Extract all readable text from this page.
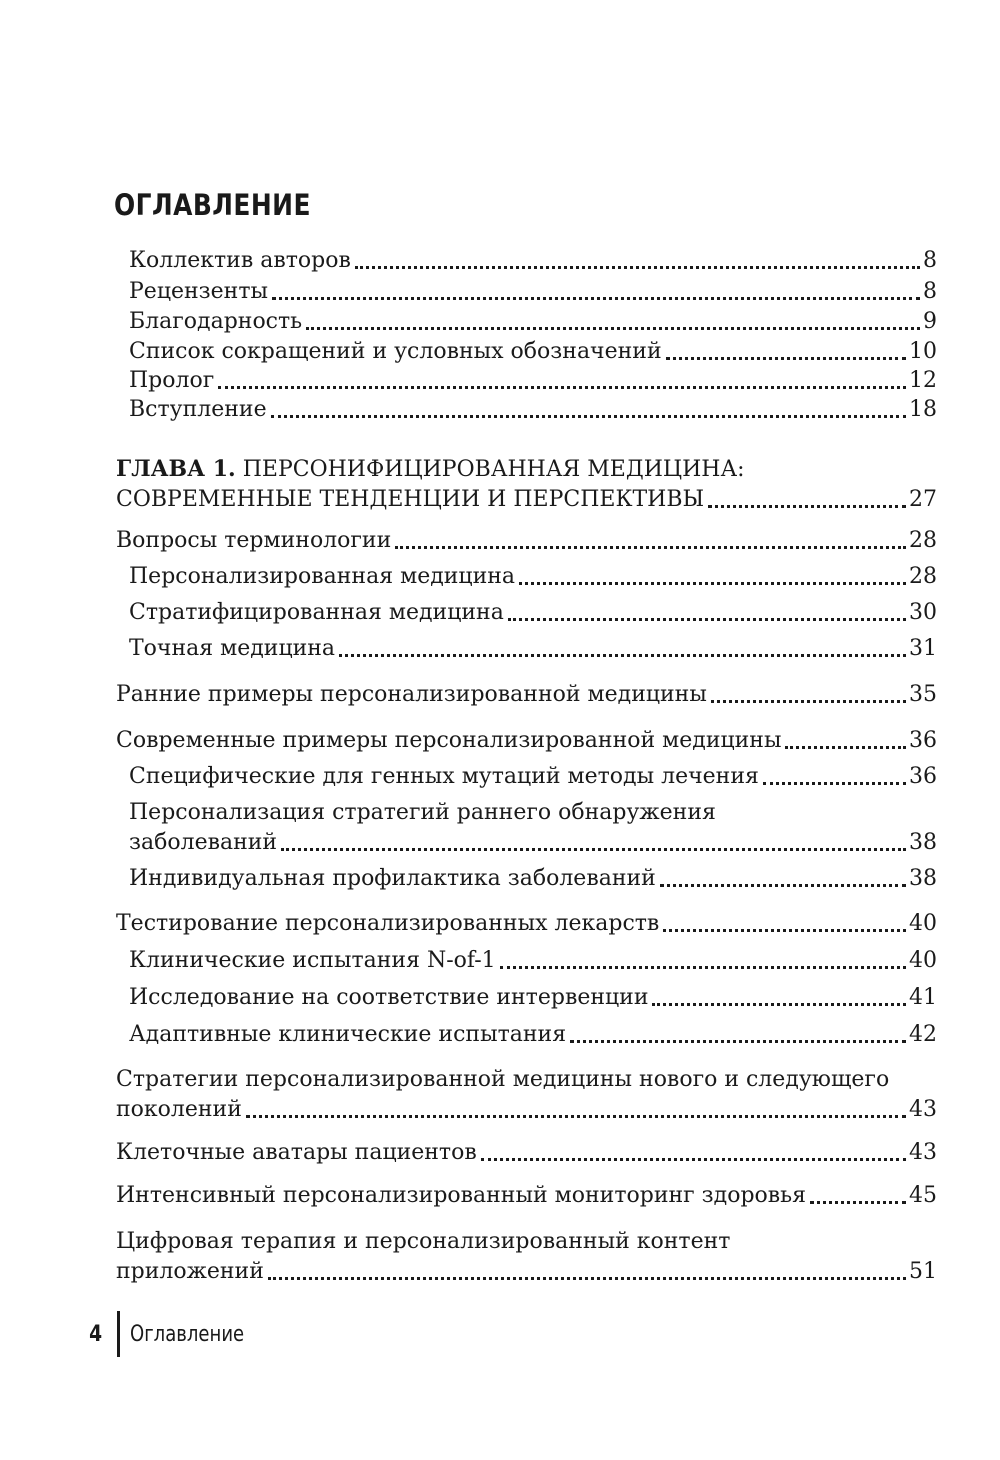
ОГЛАВЛЕНИЕ
Коллектив авторов	8
Рецензенты	8
Благодарность	9
Список сокращений и условных обозначений	10
Пролог	12
Вступление	18
ГЛАВА 1. ПЕРСОНИФИЦИРОВАННАЯ МЕДИЦИНА:
СОВРЕМЕННЫЕ ТЕНДЕНЦИИ И ПЕРСПЕКТИВЫ	27
Вопросы терминологии	28
Персонализированная медицина	28
Стратифицированная медицина	30
Точная медицина	31
Ранние примеры персонализированной медицины	35
Современные примеры персонализированной медицины	36
Специфические для генных мутаций методы лечения	36
Персонализация стратегий раннего обнаружения
заболеваний	38
Индивидуальная профилактика заболеваний	38
Тестирование персонализированных лекарств	40
Клинические испытания N-of-1	40
Исследование на соответствие интервенции	41
Адаптивные клинические испытания	42
Стратегии персонализированной медицины нового и следующего
поколений	43
Клеточные аватары пациентов	43
Интенсивный персонализированный мониторинг здоровья	45
Цифровая терапия и персонализированный контент
приложений	51
4 Оглавление
